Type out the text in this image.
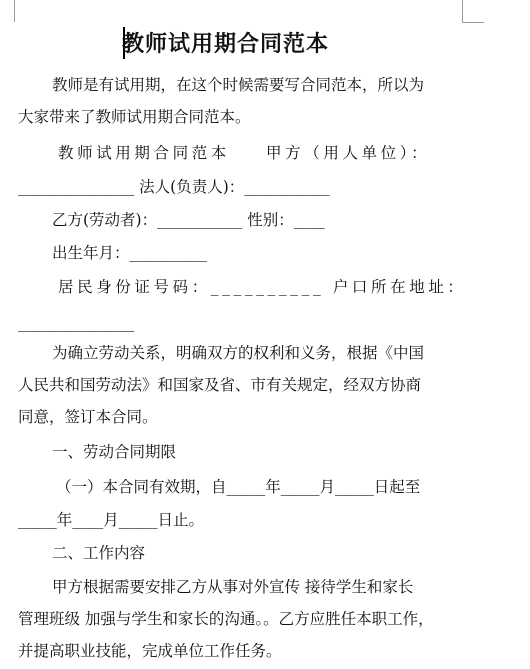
教师试用期合同范本
教师是有试用期，在这个时候需要写合同范本，所以为
大家带来了教师试用期合同范本。
教师试用期合同范本 　 甲方（用人单位）：
_______________ 法人(负责人)：___________
乙方(劳动者)：___________ 性别：____
出生年月：__________
居民身份证号码：__________ 户口所在地址：
_______________
为确立劳动关系，明确双方的权利和义务，根据《中国
人民共和国劳动法》和国家及省、市有关规定，经双方协商
同意，签订本合同。
一、劳动合同期限
（一）本合同有效期，自_____年_____月_____日起至
_____年____月_____日止。
二、工作内容
甲方根据需要安排乙方从事对外宣传 接待学生和家长
管理班级 加强与学生和家长的沟通。。乙方应胜任本职工作，
并提高职业技能，完成单位工作任务。
